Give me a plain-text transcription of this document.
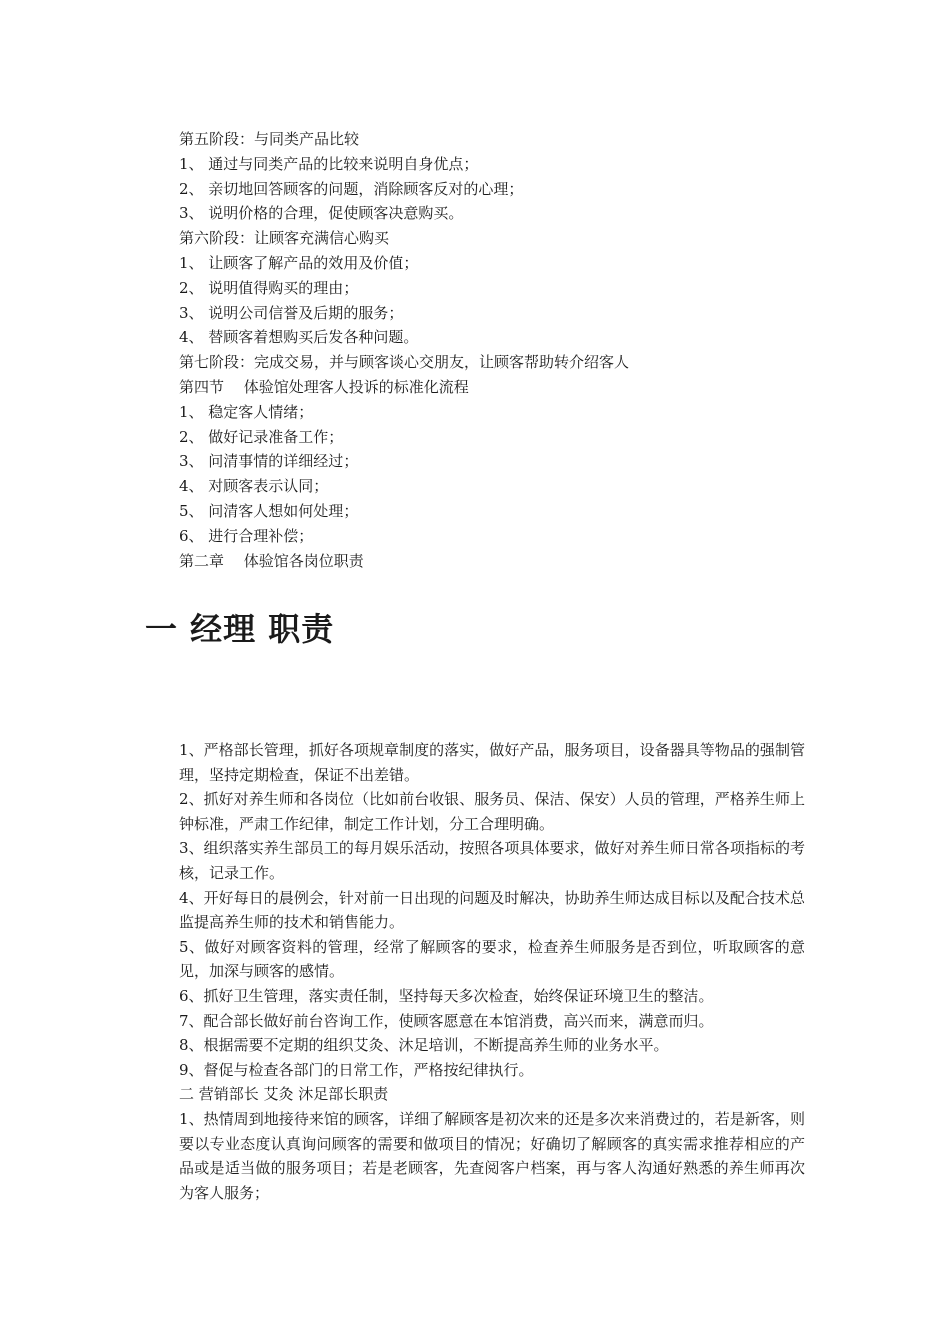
第五阶段：与同类产品比较
1、 通过与同类产品的比较来说明自身优点；
2、 亲切地回答顾客的问题，消除顾客反对的心理；
3、 说明价格的合理，促使顾客决意购买。
第六阶段：让顾客充满信心购买
1、 让顾客了解产品的效用及价值；
2、 说明值得购买的理由；
3、 说明公司信誉及后期的服务；
4、 替顾客着想购买后发各种问题。
第七阶段：完成交易，并与顾客谈心交朋友，让顾客帮助转介绍客人
第四节　 体验馆处理客人投诉的标准化流程
1、 稳定客人情绪；
2、 做好记录准备工作；
3、 问清事情的详细经过；
4、 对顾客表示认同；
5、 问清客人想如何处理；
6、 进行合理补偿；
第二章　 体验馆各岗位职责
一 经理 职责
1、严格部长管理，抓好各项规章制度的落实，做好产品，服务项目，设备器具等物品的强制管理，坚持定期检查，保证不出差错。
2、抓好对养生师和各岗位（比如前台收银、服务员、保洁、保安）人员的管理，严格养生师上钟标准，严肃工作纪律，制定工作计划，分工合理明确。
3、组织落实养生部员工的每月娱乐活动，按照各项具体要求，做好对养生师日常各项指标的考核，记录工作。
4、开好每日的晨例会，针对前一日出现的问题及时解决，协助养生师达成目标以及配合技术总监提高养生师的技术和销售能力。
5、做好对顾客资料的管理，经常了解顾客的要求，检查养生师服务是否到位，听取顾客的意见，加深与顾客的感情。
6、抓好卫生管理，落实责任制，坚持每天多次检查，始终保证环境卫生的整洁。
7、配合部长做好前台咨询工作，使顾客愿意在本馆消费，高兴而来，满意而归。
8、根据需要不定期的组织艾灸、沐足培训，不断提高养生师的业务水平。
9、督促与检查各部门的日常工作，严格按纪律执行。
二 营销部长 艾灸 沐足部长职责
1、热情周到地接待来馆的顾客，详细了解顾客是初次来的还是多次来消费过的，若是新客，则要以专业态度认真询问顾客的需要和做项目的情况；好确切了解顾客的真实需求推荐相应的产品或是适当做的服务项目；若是老顾客，先查阅客户档案，再与客人沟通好熟悉的养生师再次为客人服务；
